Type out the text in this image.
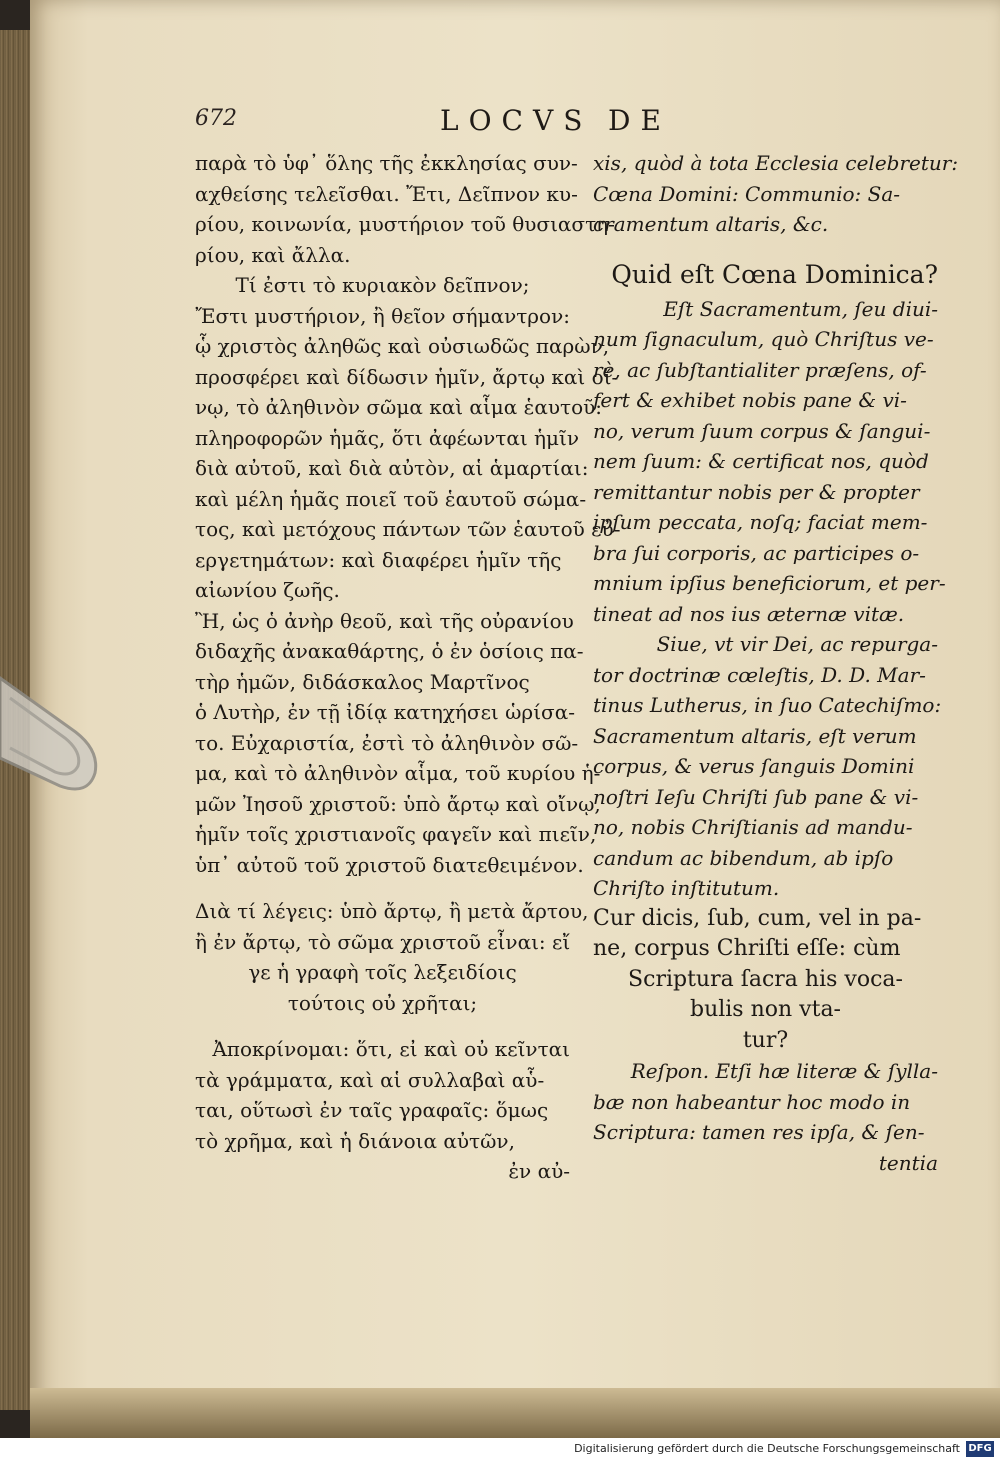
672	LOCVS DE
παρὰ τὸ ὑφ᾽ ὅλης τῆς ἐκκλησίας συν-
αχθείσης τελεῖσθαι. Ἔτι, Δεῖπνον κυ-
ρίου, κοινωνία, μυστήριον τοῦ θυσιαστη-
ρίου, καὶ ἄλλα.
Τί ἐστι τὸ κυριακὸν δεῖπνον;
Ἔστι μυστήριον, ἢ θεῖον σήμαντρον:
ᾧ χριστὸς ἀληθῶς καὶ οὐσιωδῶς παρὼν,
προσφέρει καὶ δίδωσιν ἡμῖν, ἄρτῳ καὶ οἴ-
νῳ, τὸ ἀληθινὸν σῶμα καὶ αἷμα ἑαυτοῦ:
πληροφορῶν ἡμᾶς, ὅτι ἀφέωνται ἡμῖν
διὰ αὐτοῦ, καὶ διὰ αὐτὸν, αἱ ἁμαρτίαι:
καὶ μέλη ἡμᾶς ποιεῖ τοῦ ἑαυτοῦ σώμα-
τος, καὶ μετόχους πάντων τῶν ἑαυτοῦ εὐ-
εργετημάτων: καὶ διαφέρει ἡμῖν τῆς
αἰωνίου ζωῆς.
Ἢ, ὡς ὁ ἀνὴρ θεοῦ, καὶ τῆς οὐρανίου
διδαχῆς ἀνακαθάρτης, ὁ ἐν ὁσίοις πα-
τὴρ ἡμῶν, διδάσκαλος Μαρτῖνος
ὁ Λυτὴρ, ἐν τῇ ἰδίᾳ κατηχήσει ὡρίσα-
το. Εὐχαριστία, ἐστὶ τὸ ἀληθινὸν σῶ-
μα, καὶ τὸ ἀληθινὸν αἷμα, τοῦ κυρίου ἡ-
μῶν Ἰησοῦ χριστοῦ: ὑπὸ ἄρτῳ καὶ οἴνῳ,
ἡμῖν τοῖς χριστιανοῖς φαγεῖν καὶ πιεῖν,
ὑπ᾽ αὐτοῦ τοῦ χριστοῦ διατεθειμένον.
Διὰ τί λέγεις: ὑπὸ ἄρτῳ, ἢ μετὰ ἄρτου,
ἢ ἐν ἄρτῳ, τὸ σῶμα χριστοῦ εἶναι: εἴ
γε ἡ γραφὴ τοῖς λεξειδίοις
τούτοις οὐ χρῆται;
Ἀποκρίνομαι: ὅτι, εἰ καὶ οὐ κεῖνται
τὰ γράμματα, καὶ αἱ συλλαβαὶ αὗ-
ται, οὕτωσὶ ἐν ταῖς γραφαῖς: ὅμως
τὸ χρῆμα, καὶ ἡ διάνοια αὐτῶν,
ἐν αὐ-
xis, quòd à tota Ecclesia celebretur:
Cœna Domini: Communio: Sa-
cramentum altaris, &c.
Quid eſt Cœna Dominica?
Eſt Sacramentum, ſeu diui-
num ſignaculum, quò Chriſtus ve-
rè, ac ſubſtantialiter præſens, of-
fert & exhibet nobis pane & vi-
no, verum ſuum corpus & ſangui-
nem ſuum: & certificat nos, quòd
remittantur nobis per & propter
ipſum peccata, noſq; faciat mem-
bra ſui corporis, ac participes o-
mnium ipſius beneficiorum, et per-
tineat ad nos ius æternæ vitæ.
Siue, vt vir Dei, ac repurga-
tor doctrinæ cœleſtis, D. D. Mar-
tinus Lutherus, in ſuo Catechiſmo:
Sacramentum altaris, eſt verum
corpus, & verus ſanguis Domini
noſtri Ieſu Chriſti ſub pane & vi-
no, nobis Chriſtianis ad mandu-
candum ac bibendum, ab ipſo
Chriſto inſtitutum.
Cur dicis, ſub, cum, vel in pa-
ne, corpus Chriſti eſſe: cùm
Scriptura ſacra his voca-
bulis non vta-
tur?
Reſpon. Etſi hæ literæ & ſylla-
bæ non habeantur hoc modo in
Scriptura: tamen res ipſa, & ſen-
tentia
Digitalisierung gefördert durch die Deutsche Forschungsgemeinschaft DFG
